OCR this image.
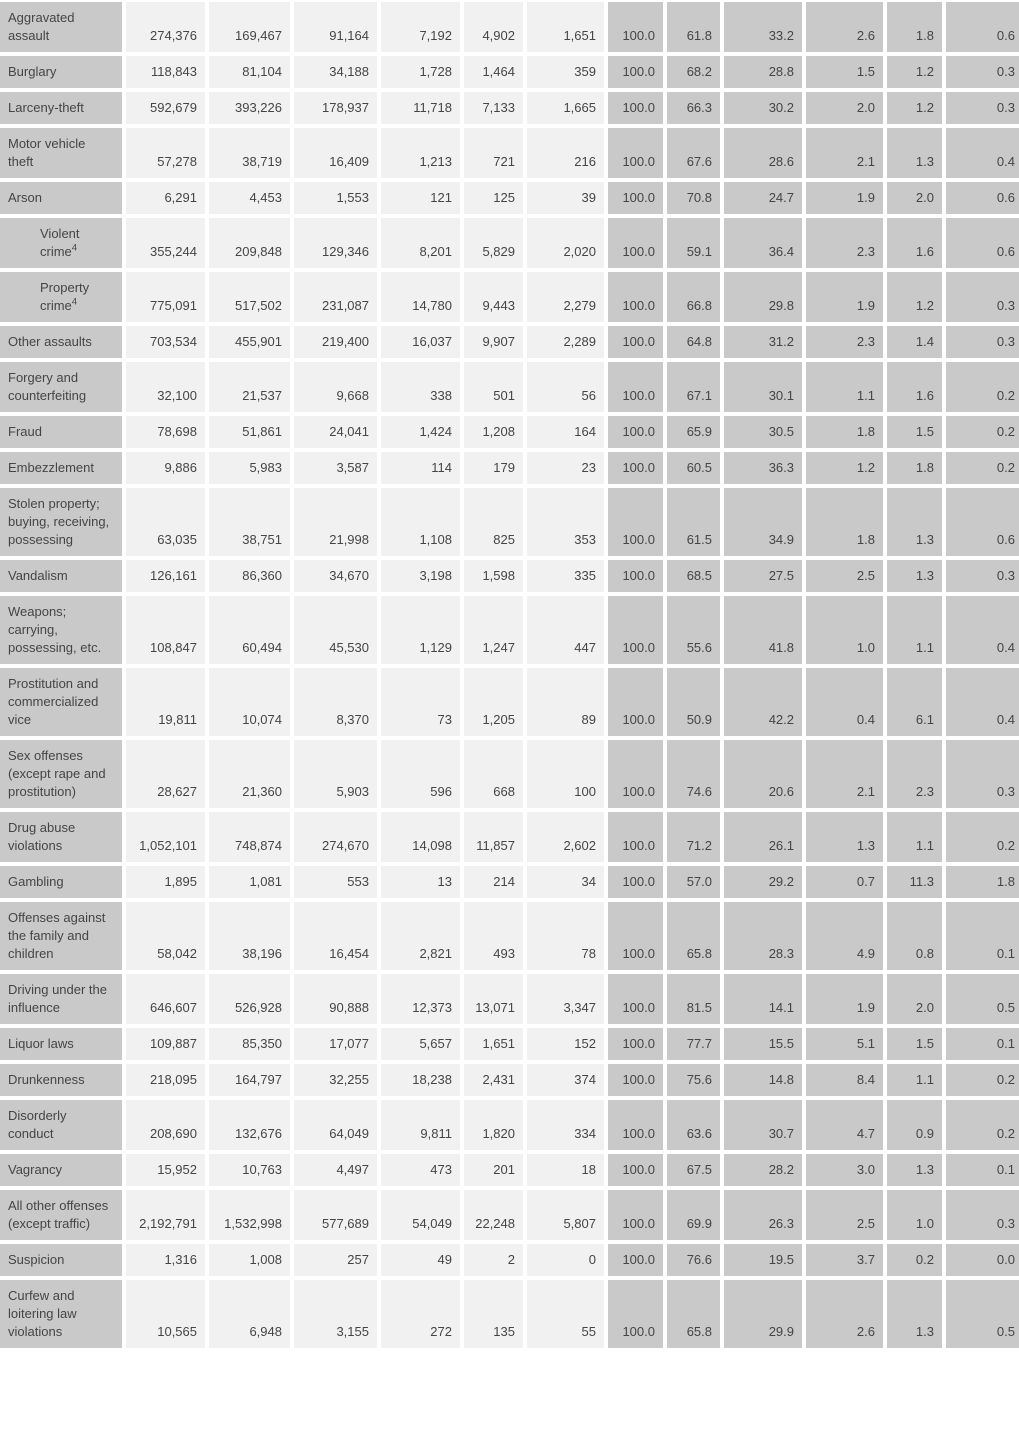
Aggravated assault	274,376	169,467	91,164	7,192	4,902	1,651	100.0	61.8	33.2	2.6	1.8	0.6
Burglary	118,843	81,104	34,188	1,728	1,464	359	100.0	68.2	28.8	1.5	1.2	0.3
Larceny-theft	592,679	393,226	178,937	11,718	7,133	1,665	100.0	66.3	30.2	2.0	1.2	0.3
Motor vehicle theft	57,278	38,719	16,409	1,213	721	216	100.0	67.6	28.6	2.1	1.3	0.4
Arson	6,291	4,453	1,553	121	125	39	100.0	70.8	24.7	1.9	2.0	0.6
Violent crime$^4$	355,244	209,848	129,346	8,201	5,829	2,020	100.0	59.1	36.4	2.3	1.6	0.6
Property crime$^4$	775,091	517,502	231,087	14,780	9,443	2,279	100.0	66.8	29.8	1.9	1.2	0.3
Other assaults	703,534	455,901	219,400	16,037	9,907	2,289	100.0	64.8	31.2	2.3	1.4	0.3
Forgery and counterfeiting	32,100	21,537	9,668	338	501	56	100.0	67.1	30.1	1.1	1.6	0.2
Fraud	78,698	51,861	24,041	1,424	1,208	164	100.0	65.9	30.5	1.8	1.5	0.2
Embezzlement	9,886	5,983	3,587	114	179	23	100.0	60.5	36.3	1.2	1.8	0.2
Stolen property; buying, receiving, possessing	63,035	38,751	21,998	1,108	825	353	100.0	61.5	34.9	1.8	1.3	0.6
Vandalism	126,161	86,360	34,670	3,198	1,598	335	100.0	68.5	27.5	2.5	1.3	0.3
Weapons; carrying, possessing, etc.	108,847	60,494	45,530	1,129	1,247	447	100.0	55.6	41.8	1.0	1.1	0.4
Prostitution and commercialized vice	19,811	10,074	8,370	73	1,205	89	100.0	50.9	42.2	0.4	6.1	0.4
Sex offenses (except rape and prostitution)	28,627	21,360	5,903	596	668	100	100.0	74.6	20.6	2.1	2.3	0.3
Drug abuse violations	1,052,101	748,874	274,670	14,098	11,857	2,602	100.0	71.2	26.1	1.3	1.1	0.2
Gambling	1,895	1,081	553	13	214	34	100.0	57.0	29.2	0.7	11.3	1.8
Offenses against the family and children	58,042	38,196	16,454	2,821	493	78	100.0	65.8	28.3	4.9	0.8	0.1
Driving under the influence	646,607	526,928	90,888	12,373	13,071	3,347	100.0	81.5	14.1	1.9	2.0	0.5
Liquor laws	109,887	85,350	17,077	5,657	1,651	152	100.0	77.7	15.5	5.1	1.5	0.1
Drunkenness	218,095	164,797	32,255	18,238	2,431	374	100.0	75.6	14.8	8.4	1.1	0.2
Disorderly conduct	208,690	132,676	64,049	9,811	1,820	334	100.0	63.6	30.7	4.7	0.9	0.2
Vagrancy	15,952	10,763	4,497	473	201	18	100.0	67.5	28.2	3.0	1.3	0.1
All other offenses (except traffic)	2,192,791	1,532,998	577,689	54,049	22,248	5,807	100.0	69.9	26.3	2.5	1.0	0.3
Suspicion	1,316	1,008	257	49	2	0	100.0	76.6	19.5	3.7	0.2	0.0
Curfew and loitering law violations	10,565	6,948	3,155	272	135	55	100.0	65.8	29.9	2.6	1.3	0.5
